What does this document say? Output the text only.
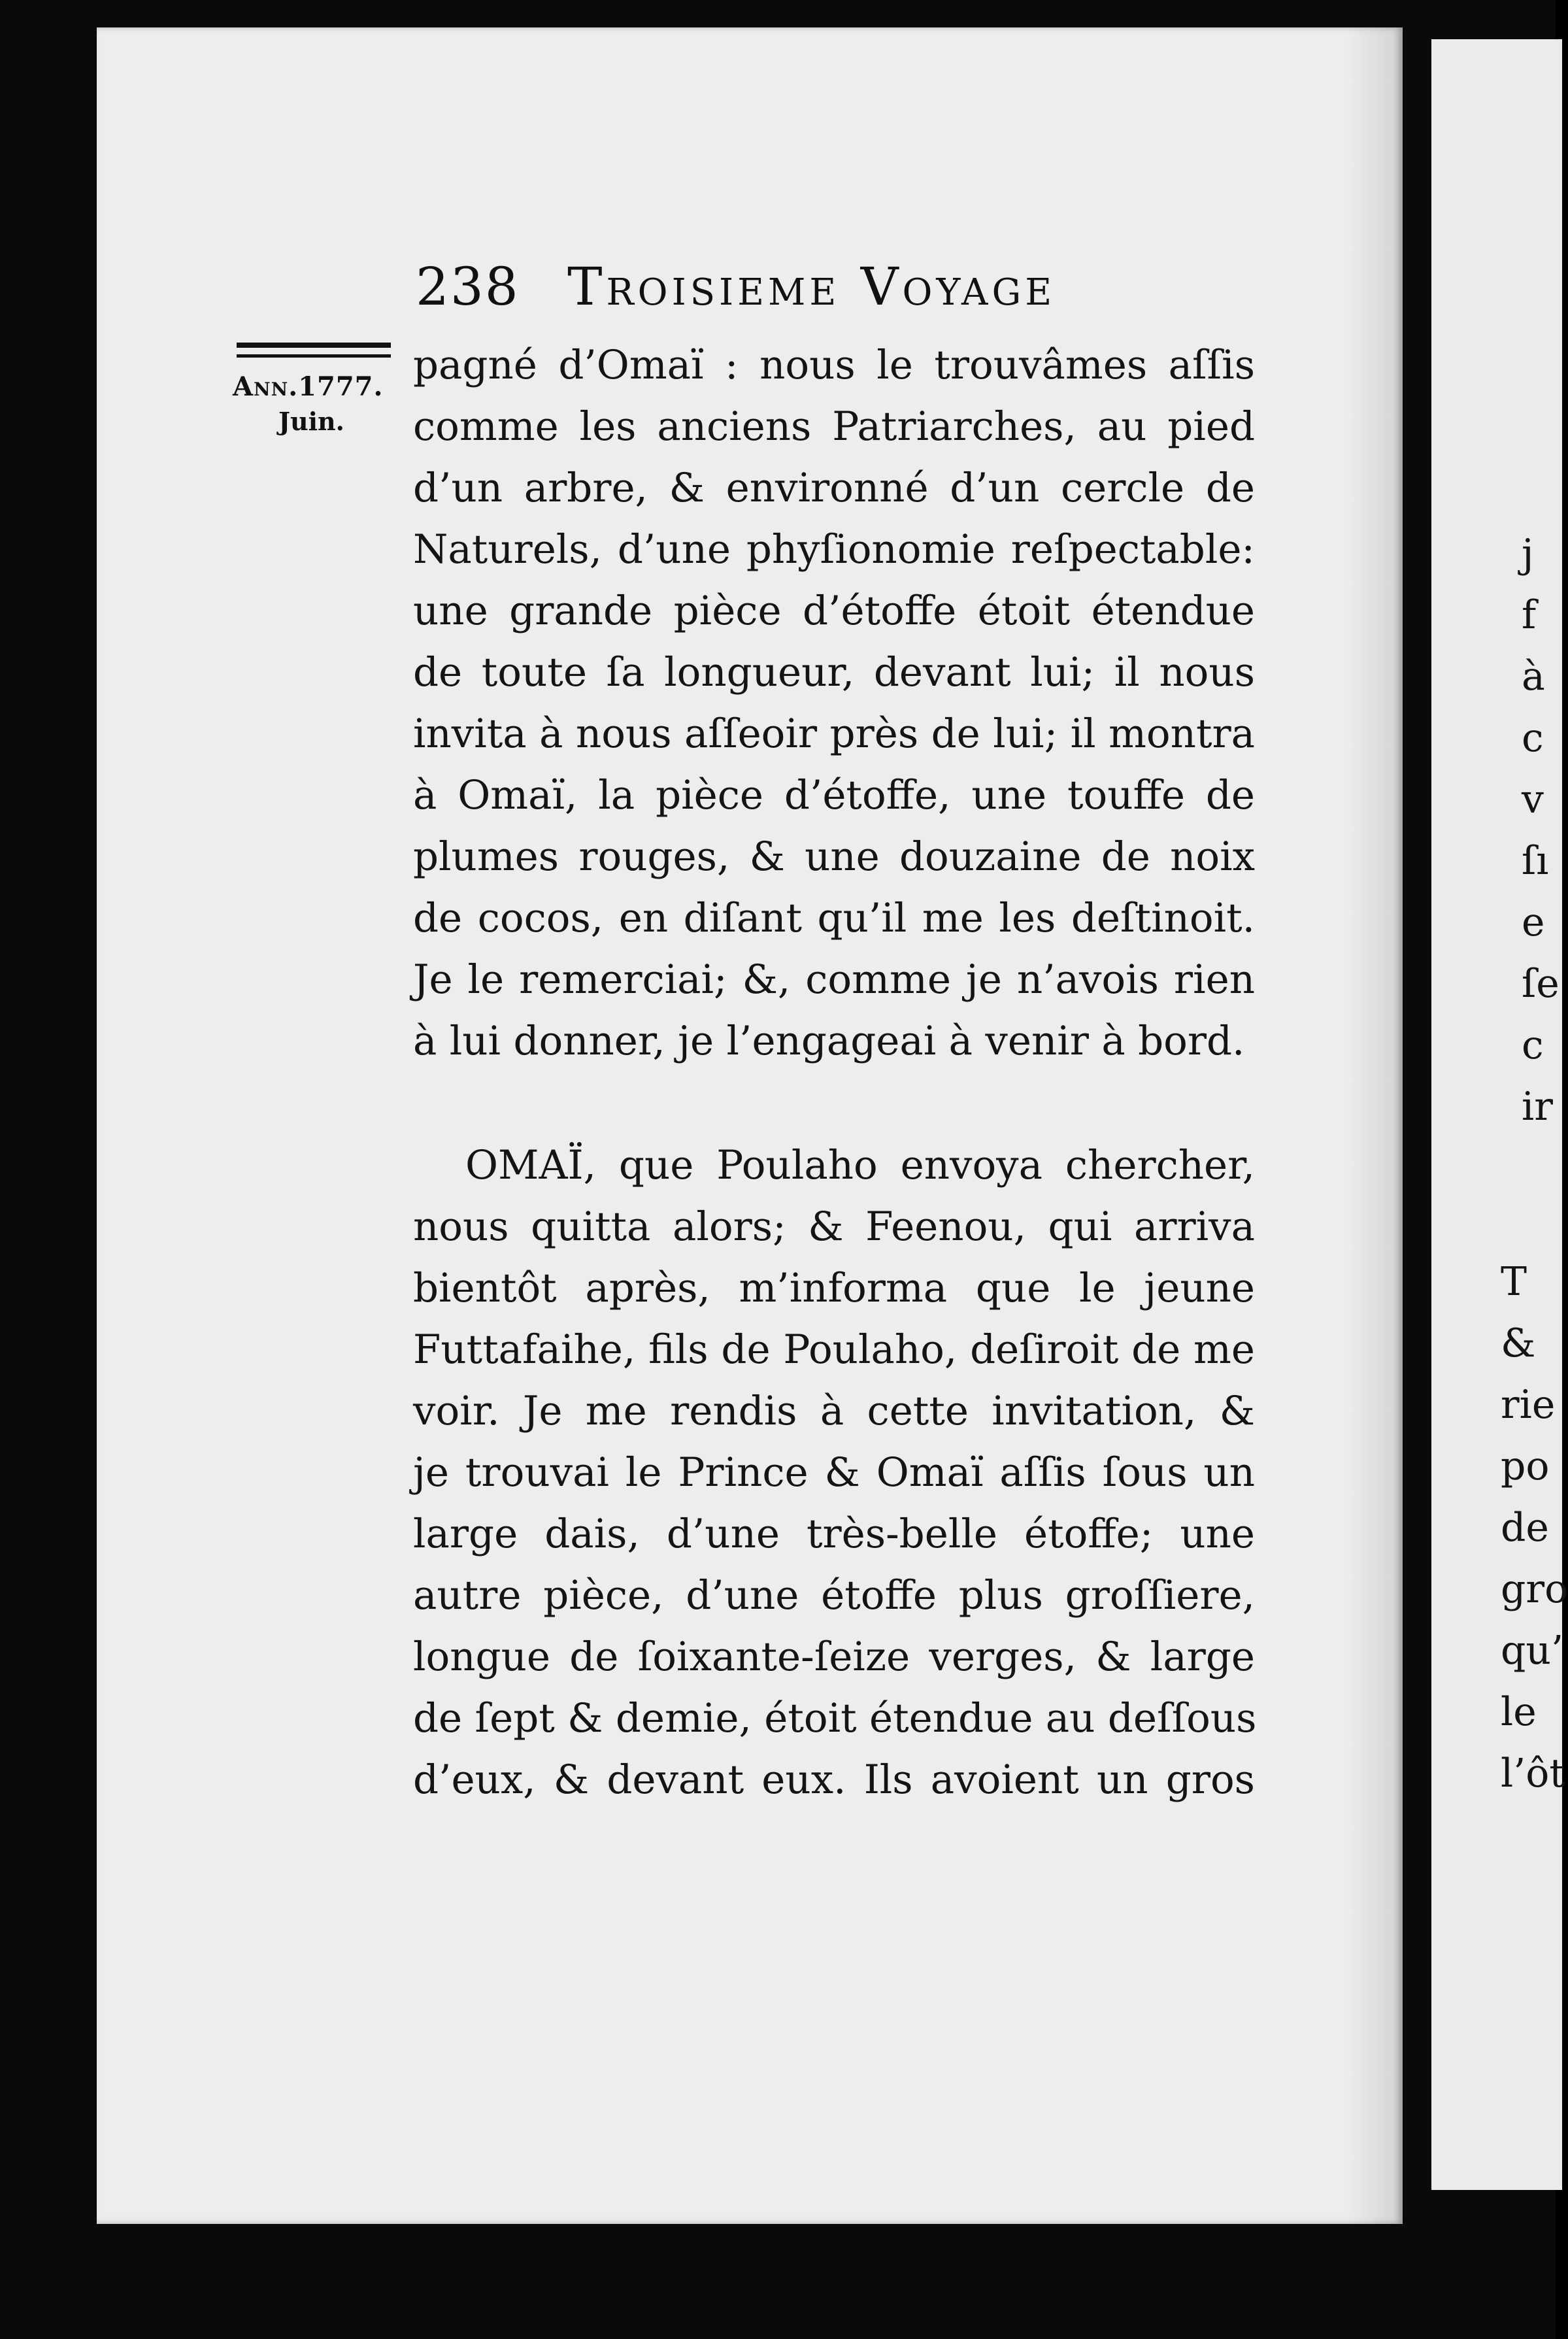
238 Troisieme Voyage
Ann.1777.
Juin.
pagné d’Omaï : nous le trouvâmes aſſis
comme les anciens Patriarches, au pied
d’un arbre, & environné d’un cercle de
Naturels, d’une phyſionomie reſpectable:
une grande pièce d’étoffe étoit étendue
de toute ſa longueur, devant lui; il nous
invita à nous aſſeoir près de lui; il montra
à Omaï, la pièce d’étoffe, une touffe de
plumes rouges, & une douzaine de noix
de cocos, en diſant qu’il me les deſtinoit.
Je le remerciai; &, comme je n’avois rien
à lui donner, je l’engageai à venir à bord.
OMAÏ, que Poulaho envoya chercher,
nous quitta alors; & Feenou, qui arriva
bientôt après, m’informa que le jeune
Futtafaihe, fils de Poulaho, deſiroit de me
voir. Je me rendis à cette invitation, &
je trouvai le Prince & Omaï aſſis ſous un
large dais, d’une très-belle étoffe; une
autre pièce, d’une étoffe plus groſſiere,
longue de ſoixante-ſeize verges, & large
de ſept & demie, étoit étendue au deſſous
d’eux, & devant eux. Ils avoient un gros
j
f
à
c
v
ſı
e
ſe
c
ir
T
&
rie
po
de
gro
qu’
le
l’ôt
